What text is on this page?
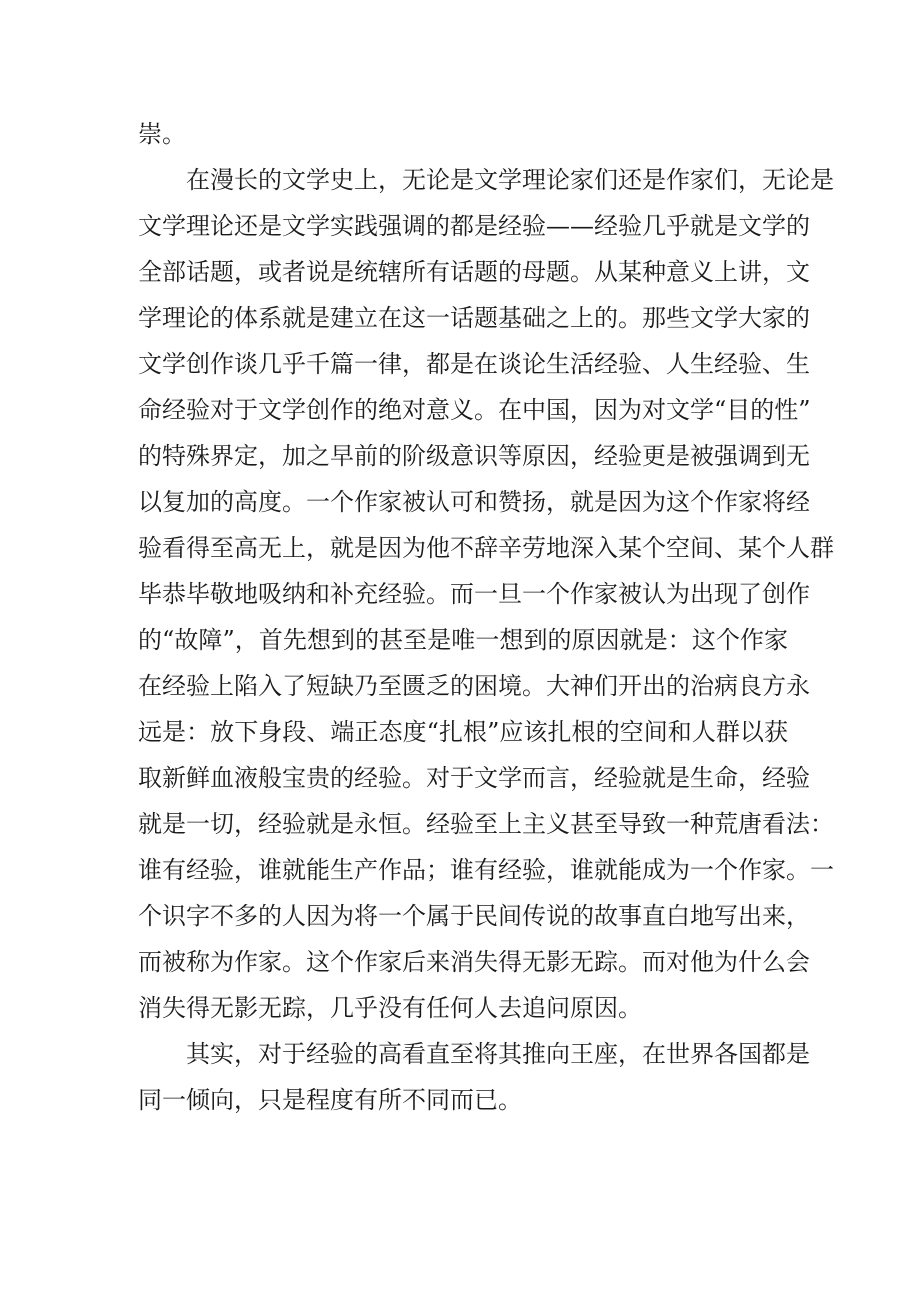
崇。
在漫长的文学史上，无论是文学理论家们还是作家们，无论是
文学理论还是文学实践强调的都是经验——经验几乎就是文学的
全部话题，或者说是统辖所有话题的母题。从某种意义上讲，文
学理论的体系就是建立在这一话题基础之上的。那些文学大家的
文学创作谈几乎千篇一律，都是在谈论生活经验、人生经验、生
命经验对于文学创作的绝对意义。在中国，因为对文学“目的性”
的特殊界定，加之早前的阶级意识等原因，经验更是被强调到无
以复加的高度。一个作家被认可和赞扬，就是因为这个作家将经
验看得至高无上，就是因为他不辞辛劳地深入某个空间、某个人群
毕恭毕敬地吸纳和补充经验。而一旦一个作家被认为出现了创作
的“故障”，首先想到的甚至是唯一想到的原因就是：这个作家
在经验上陷入了短缺乃至匮乏的困境。大神们开出的治病良方永
远是：放下身段、端正态度“扎根”应该扎根的空间和人群以获
取新鲜血液般宝贵的经验。对于文学而言，经验就是生命，经验
就是一切，经验就是永恒。经验至上主义甚至导致一种荒唐看法：
谁有经验，谁就能生产作品；谁有经验，谁就能成为一个作家。一
个识字不多的人因为将一个属于民间传说的故事直白地写出来，
而被称为作家。这个作家后来消失得无影无踪。而对他为什么会
消失得无影无踪，几乎没有任何人去追问原因。
其实，对于经验的高看直至将其推向王座，在世界各国都是
同一倾向，只是程度有所不同而已。
